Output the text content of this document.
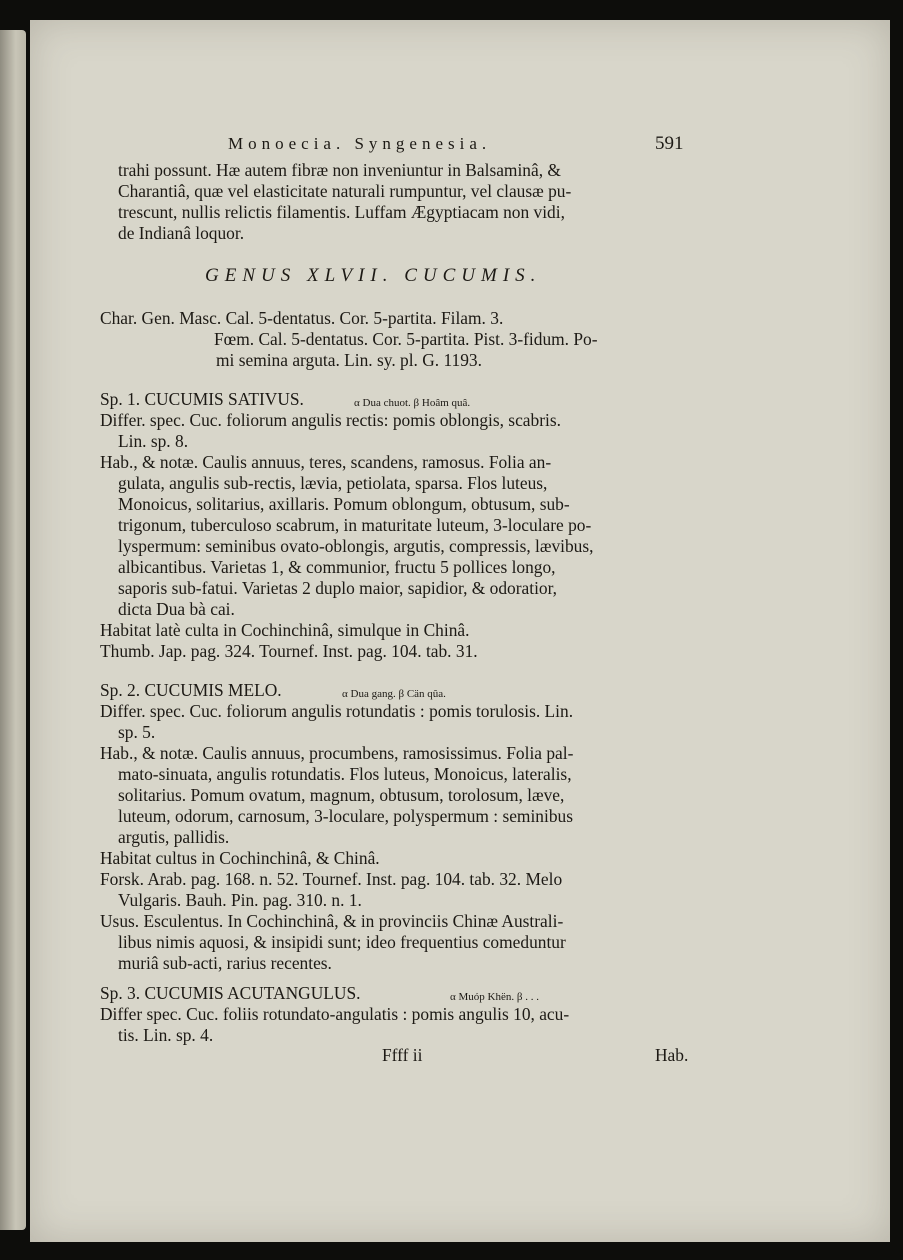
Monoecia. Syngenesia.	591
trahi possunt. Hæ autem fibræ non inveniuntur in Balsaminâ, &
Charantiâ, quæ vel elasticitate naturali rumpuntur, vel clausæ pu-
trescunt, nullis relictis filamentis. Luffam Ægyptiacam non vidi,
de Indianâ loquor.
GENUS XLVII. CUCUMIS.
Char. Gen. Masc. Cal. 5-dentatus. Cor. 5-partita. Filam. 3.
Fœm. Cal. 5-dentatus. Cor. 5-partita. Pist. 3-fidum. Po-
mi semina arguta. Lin. sy. pl. G. 1193.
Sp. 1. CUCUMIS SATIVUS.	α Dua chuot. β Hoâm quâ.
Differ. spec. Cuc. foliorum angulis rectis: pomis oblongis, scabris.
Lin. sp. 8.
Hab., & notæ. Caulis annuus, teres, scandens, ramosus. Folia an-
gulata, angulis sub-rectis, lævia, petiolata, sparsa. Flos luteus,
Monoicus, solitarius, axillaris. Pomum oblongum, obtusum, sub-
trigonum, tuberculoso scabrum, in maturitate luteum, 3-loculare po-
lyspermum: seminibus ovato-oblongis, argutis, compressis, lævibus,
albicantibus. Varietas 1, & communior, fructu 5 pollices longo,
saporis sub-fatui. Varietas 2 duplo maior, sapidior, & odoratior,
dicta Dua bà cai.
Habitat latè culta in Cochinchinâ, simulque in Chinâ.
Thumb. Jap. pag. 324. Tournef. Inst. pag. 104. tab. 31.
Sp. 2. CUCUMIS MELO.	α Dua gang. β Cän qûa.
Differ. spec. Cuc. foliorum angulis rotundatis : pomis torulosis. Lin.
sp. 5.
Hab., & notæ. Caulis annuus, procumbens, ramosissimus. Folia pal-
mato-sinuata, angulis rotundatis. Flos luteus, Monoicus, lateralis,
solitarius. Pomum ovatum, magnum, obtusum, torolosum, læve,
luteum, odorum, carnosum, 3-loculare, polyspermum : seminibus
argutis, pallidis.
Habitat cultus in Cochinchinâ, & Chinâ.
Forsk. Arab. pag. 168. n. 52. Tournef. Inst. pag. 104. tab. 32. Melo
Vulgaris. Bauh. Pin. pag. 310. n. 1.
Usus. Esculentus. In Cochinchinâ, & in provinciis Chinæ Australi-
libus nimis aquosi, & insipidi sunt; ideo frequentius comeduntur
muriâ sub-acti, rarius recentes.
Sp. 3. CUCUMIS ACUTANGULUS.	α Muóp Khën. β . . .
Differ spec. Cuc. foliis rotundato-angulatis : pomis angulis 10, acu-
tis. Lin. sp. 4.
Ffff ii	Hab.
